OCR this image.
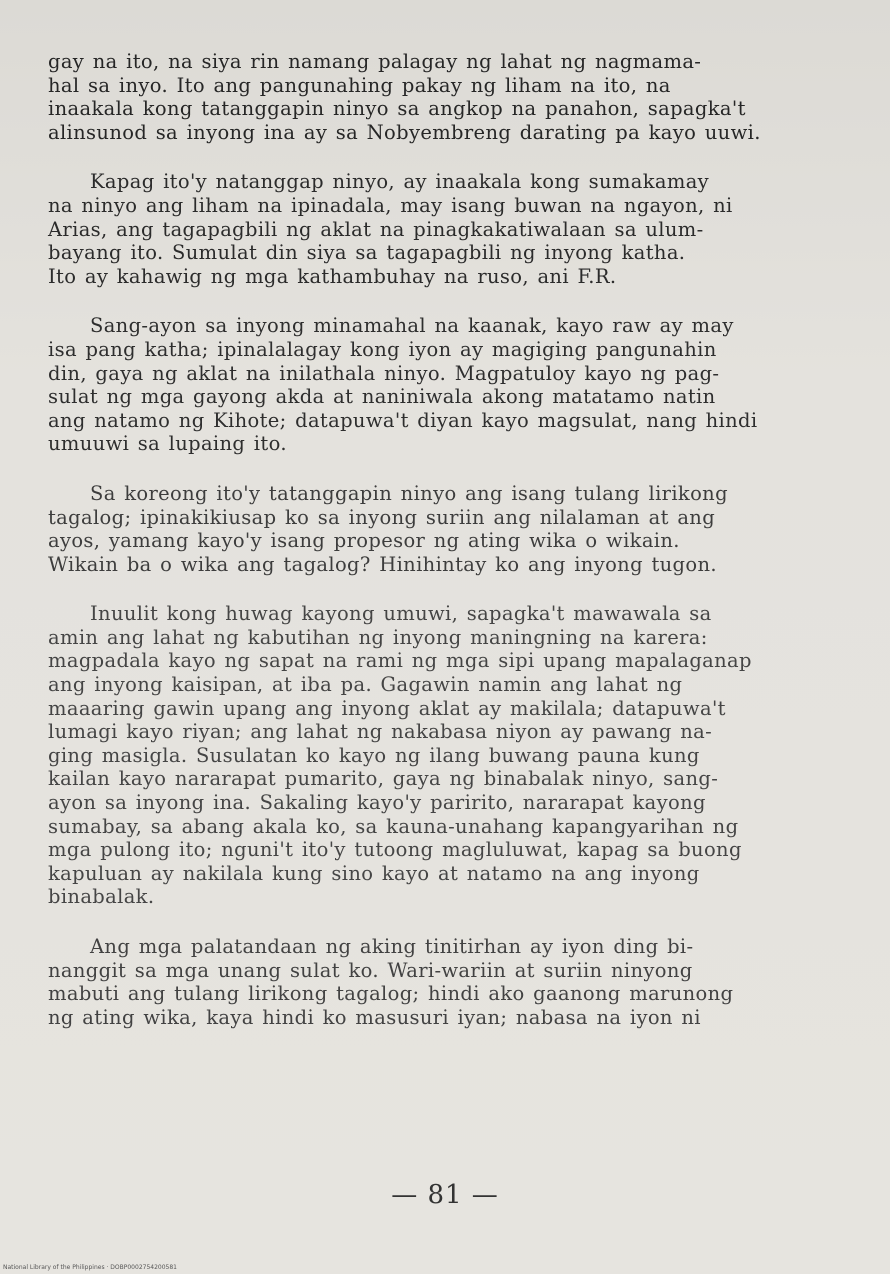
gay na ito, na siya rin namang palagay ng lahat ng nagmama-
hal sa inyo. Ito ang pangunahing pakay ng liham na ito, na
inaakala kong tatanggapin ninyo sa angkop na panahon, sapagka't
alinsunod sa inyong ina ay sa Nobyembreng darating pa kayo uuwi.

Kapag ito'y natanggap ninyo, ay inaakala kong sumakamay
na ninyo ang liham na ipinadala, may isang buwan na ngayon, ni
Arias, ang tagapagbili ng aklat na pinagkakatiwalaan sa ulum-
bayang ito. Sumulat din siya sa tagapagbili ng inyong katha.
Ito ay kahawig ng mga kathambuhay na ruso, ani F.R.

Sang-ayon sa inyong minamahal na kaanak, kayo raw ay may
isa pang katha; ipinalalagay kong iyon ay magiging pangunahin
din, gaya ng aklat na inilathala ninyo. Magpatuloy kayo ng pag-
sulat ng mga gayong akda at naniniwala akong matatamo natin
ang natamo ng Kihote; datapuwa't diyan kayo magsulat, nang hindi
umuuwi sa lupaing ito.

Sa koreong ito'y tatanggapin ninyo ang isang tulang lirikong
tagalog; ipinakikiusap ko sa inyong suriin ang nilalaman at ang
ayos, yamang kayo'y isang propesor ng ating wika o wikain.
Wikain ba o wika ang tagalog? Hinihintay ko ang inyong tugon.

Inuulit kong huwag kayong umuwi, sapagka't mawawala sa
amin ang lahat ng kabutihan ng inyong maningning na karera:
magpadala kayo ng sapat na rami ng mga sipi upang mapalaganap
ang inyong kaisipan, at iba pa. Gagawin namin ang lahat ng
maaaring gawin upang ang inyong aklat ay makilala; datapuwa't
lumagi kayo riyan; ang lahat ng nakabasa niyon ay pawang na-
ging masigla. Susulatan ko kayo ng ilang buwang pauna kung
kailan kayo nararapat pumarito, gaya ng binabalak ninyo, sang-
ayon sa inyong ina. Sakaling kayo'y paririto, nararapat kayong
sumabay, sa abang akala ko, sa kauna-unahang kapangyarihan ng
mga pulong ito; nguni't ito'y tutoong magluluwat, kapag sa buong
kapuluan ay nakilala kung sino kayo at natamo na ang inyong
binabalak.

Ang mga palatandaan ng aking tinitirhan ay iyon ding bi-
nanggit sa mga unang sulat ko. Wari-wariin at suriin ninyong
mabuti ang tulang lirikong tagalog; hindi ako gaanong marunong
ng ating wika, kaya hindi ko masusuri iyan; nabasa na iyon ni

— 81 —
National Library of the Philippines · DOBP0002754200581
